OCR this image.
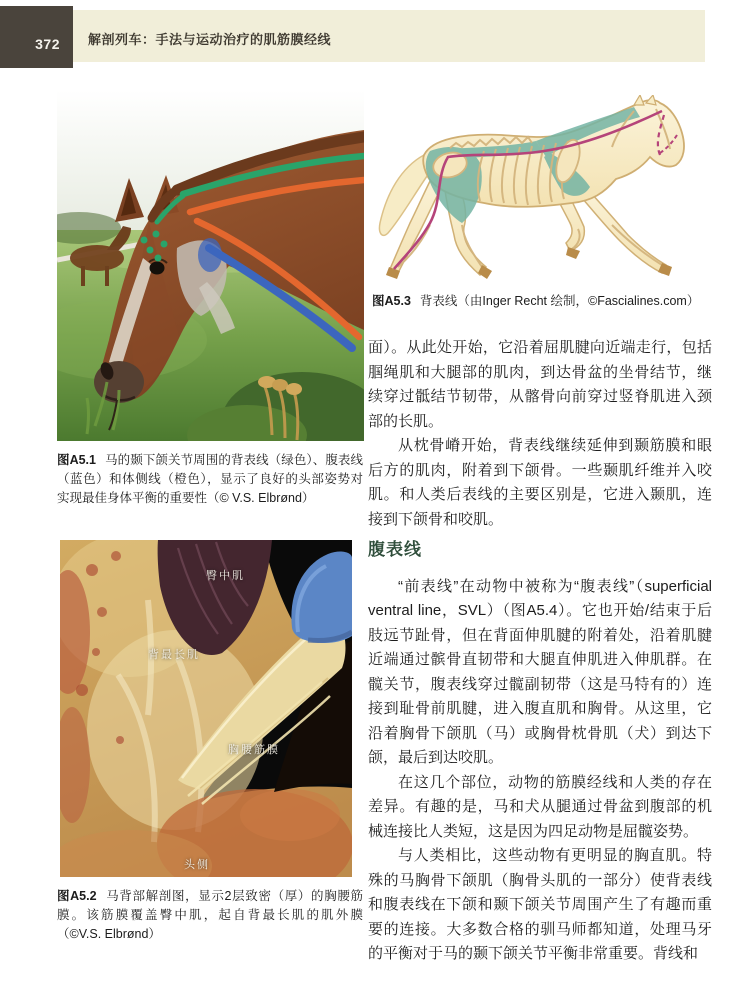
372 解剖列车：手法与运动治疗的肌筋膜经线
图A5.1 马的颞下颌关节周围的背表线（绿色）、腹表线（蓝色）和体侧线（橙色），显示了良好的头部姿势对实现最佳身体平衡的重要性（© V.S. Elbrønd）
图A5.3 背表线（由Inger Recht 绘制，©Fascialines.com）
臀中肌
背最长肌
胸腰筋膜
头侧
图A5.2 马背部解剖图，显示2层致密（厚）的胸腰筋膜。该筋膜覆盖臀中肌，起自背最长肌的肌外膜（©V.S. Elbrønd）

面）。从此处开始，它沿着屈肌腱向近端走行，包括腘绳肌和大腿部的肌肉，到达骨盆的坐骨结节，继续穿过骶结节韧带，从髂骨向前穿过竖脊肌进入颈部的长肌。

从枕骨嵴开始，背表线继续延伸到颞筋膜和眼后方的肌肉，附着到下颌骨。一些颞肌纤维并入咬肌。和人类后表线的主要区别是，它进入颞肌，连接到下颌骨和咬肌。

腹表线

“前表线”在动物中被称为“腹表线”（superficial ventral line，SVL）（图A5.4）。它也开始/结束于后肢远节趾骨，但在背面伸肌腱的附着处，沿着肌腱近端通过髌骨直韧带和大腿直伸肌进入伸肌群。在髋关节，腹表线穿过髋副韧带（这是马特有的）连接到耻骨前肌腱，进入腹直肌和胸骨。从这里，它沿着胸骨下颌肌（马）或胸骨枕骨肌（犬）到达下颌，最后到达咬肌。

在这几个部位，动物的筋膜经线和人类的存在差异。有趣的是，马和犬从腿通过骨盆到腹部的机械连接比人类短，这是因为四足动物是屈髋姿势。

与人类相比，这些动物有更明显的胸直肌。特殊的马胸骨下颌肌（胸骨头肌的一部分）使背表线和腹表线在下颌和颞下颌关节周围产生了有趣而重要的连接。大多数合格的驯马师都知道，处理马牙的平衡对于马的颞下颌关节平衡非常重要。背线和
